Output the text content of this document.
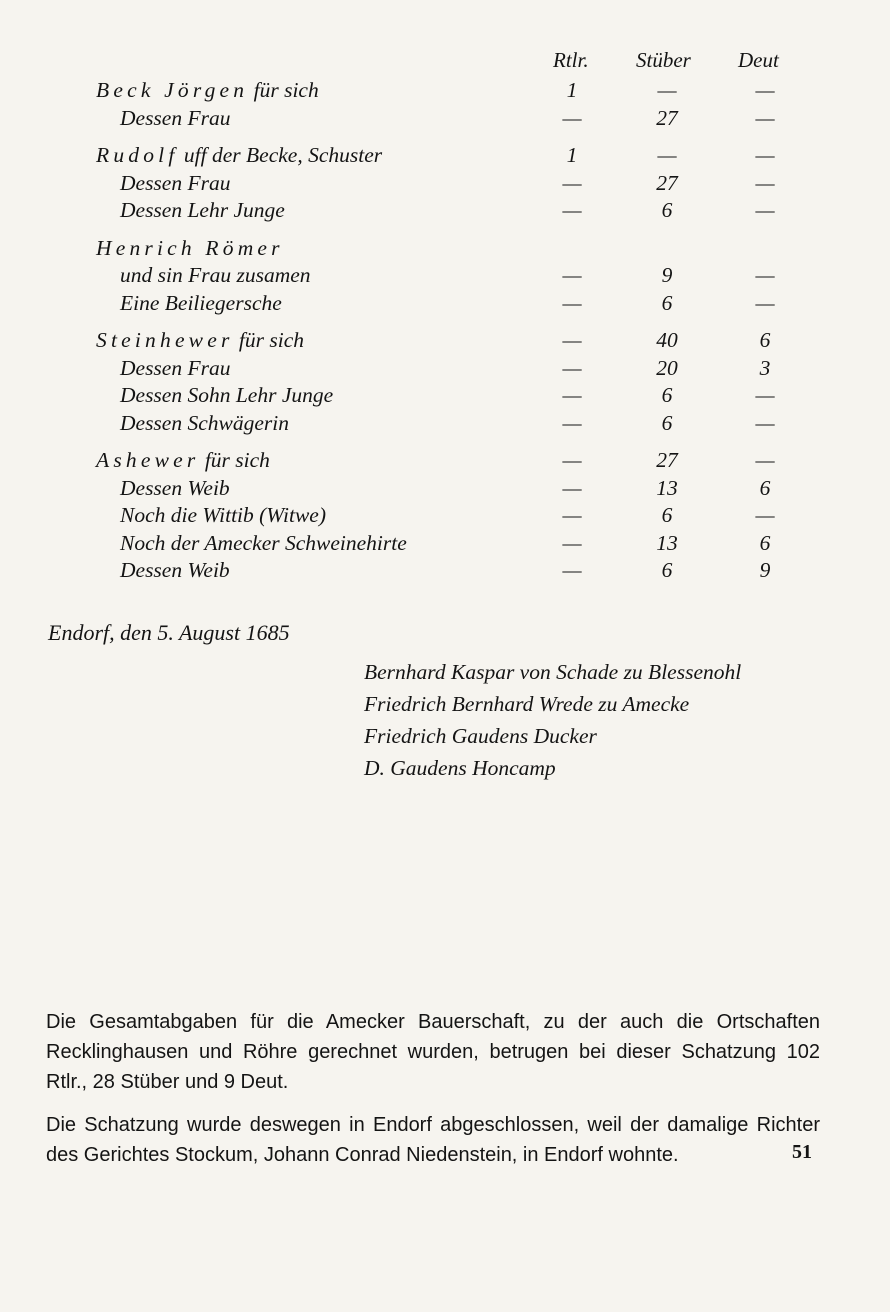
Rtlr. Stüber Deut
Beck Jörgen für sich	1	—	—
Dessen Frau	—	27	—
Rudolf uff der Becke, Schuster	1	—	—
Dessen Frau	—	27	—
Dessen Lehr Junge	—	6	—
Henrich Römer
und sin Frau zusamen	—	9	—
Eine Beiliegersche	—	6	—
Steinhewer für sich	—	40	6
Dessen Frau	—	20	3
Dessen Sohn Lehr Junge	—	6	—
Dessen Schwägerin	—	6	—
Ashewer für sich	—	27	—
Dessen Weib	—	13	6
Noch die Wittib (Witwe)	—	6	—
Noch der Amecker Schweinehirte	—	13	6
Dessen Weib	—	6	9
Endorf, den 5. August 1685
Bernhard Kaspar von Schade zu Blessenohl
Friedrich Bernhard Wrede zu Amecke
Friedrich Gaudens Ducker
D. Gaudens Honcamp

Die Gesamtabgaben für die Amecker Bauerschaft, zu der auch die Ortschaften Recklinghausen und Röhre gerechnet wurden, betrugen bei dieser Schatzung 102 Rtlr., 28 Stüber und 9 Deut.

Die Schatzung wurde deswegen in Endorf abgeschlossen, weil der damalige Richter des Gerichtes Stockum, Johann Conrad Niedenstein, in Endorf wohnte.	51
